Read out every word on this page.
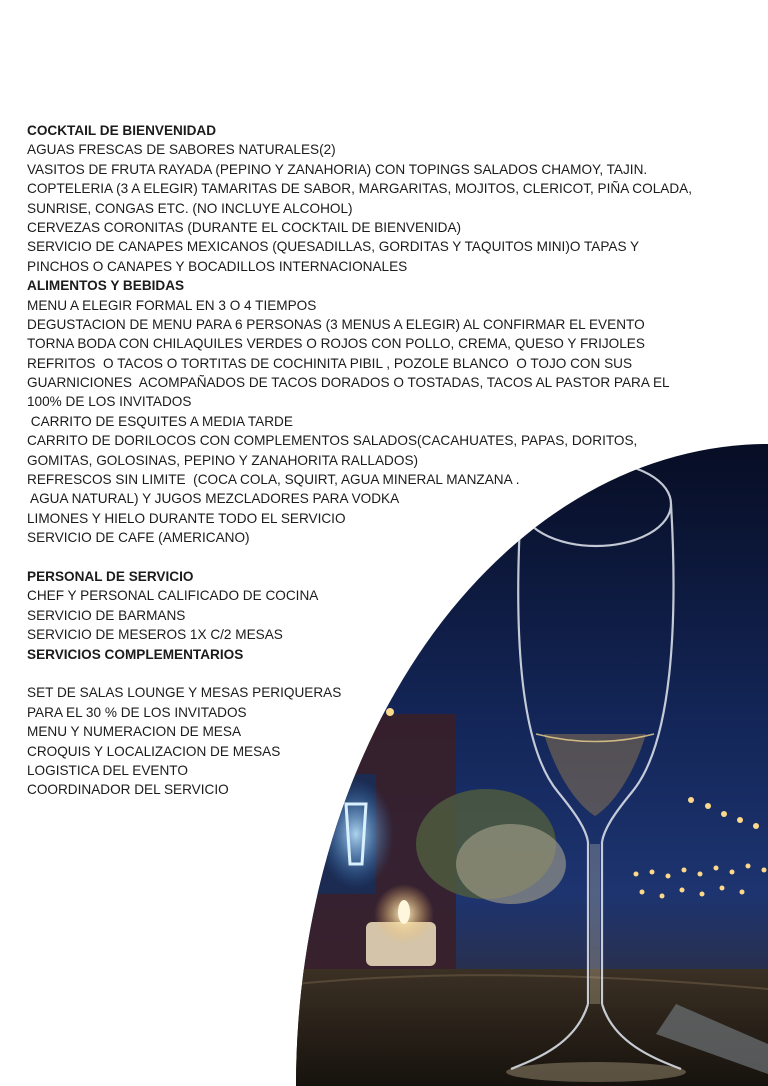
COCKTAIL DE BIENVENIDAD
AGUAS FRESCAS DE SABORES NATURALES(2)
VASITOS DE FRUTA RAYADA (PEPINO Y ZANAHORIA) CON TOPINGS SALADOS CHAMOY, TAJIN.
COPTELERIA (3 A ELEGIR) TAMARITAS DE SABOR, MARGARITAS, MOJITOS, CLERICOT, PIÑA COLADA,
SUNRISE, CONGAS ETC. (NO INCLUYE ALCOHOL)
CERVEZAS CORONITAS (DURANTE EL COCKTAIL DE BIENVENIDA)
SERVICIO DE CANAPES MEXICANOS (QUESADILLAS, GORDITAS Y TAQUITOS MINI)O TAPAS Y
PINCHOS O CANAPES Y BOCADILLOS INTERNACIONALES
ALIMENTOS Y BEBIDAS
MENU A ELEGIR FORMAL EN 3 O 4 TIEMPOS
DEGUSTACION DE MENU PARA 6 PERSONAS (3 MENUS A ELEGIR) AL CONFIRMAR EL EVENTO
TORNA BODA CON CHILAQUILES VERDES O ROJOS CON POLLO, CREMA, QUESO Y FRIJOLES
REFRITOS  O TACOS O TORTITAS DE COCHINITA PIBIL , POZOLE BLANCO  O TOJO CON SUS
GUARNICIONES  ACOMPAÑADOS DE TACOS DORADOS O TOSTADAS, TACOS AL PASTOR PARA EL
100% DE LOS INVITADOS
CARRITO DE ESQUITES A MEDIA TARDE
CARRITO DE DORILOCOS CON COMPLEMENTOS SALADOS(CACAHUATES, PAPAS, DORITOS,
GOMITAS, GOLOSINAS, PEPINO Y ZANAHORITA RALLADOS)
REFRESCOS SIN LIMITE  (COCA COLA, SQUIRT, AGUA MINERAL MANZANA .
AGUA NATURAL) Y JUGOS MEZCLADORES PARA VODKA
LIMONES Y HIELO DURANTE TODO EL SERVICIO
SERVICIO DE CAFE (AMERICANO)
PERSONAL DE SERVICIO
CHEF Y PERSONAL CALIFICADO DE COCINA
SERVICIO DE BARMANS
SERVICIO DE MESEROS 1X C/2 MESAS
SERVICIOS COMPLEMENTARIOS
SET DE SALAS LOUNGE Y MESAS PERIQUERAS
PARA EL 30 % DE LOS INVITADOS
MENU Y NUMERACION DE MESA
CROQUIS Y LOCALIZACION DE MESAS
LOGISTICA DEL EVENTO
COORDINADOR DEL SERVICIO
